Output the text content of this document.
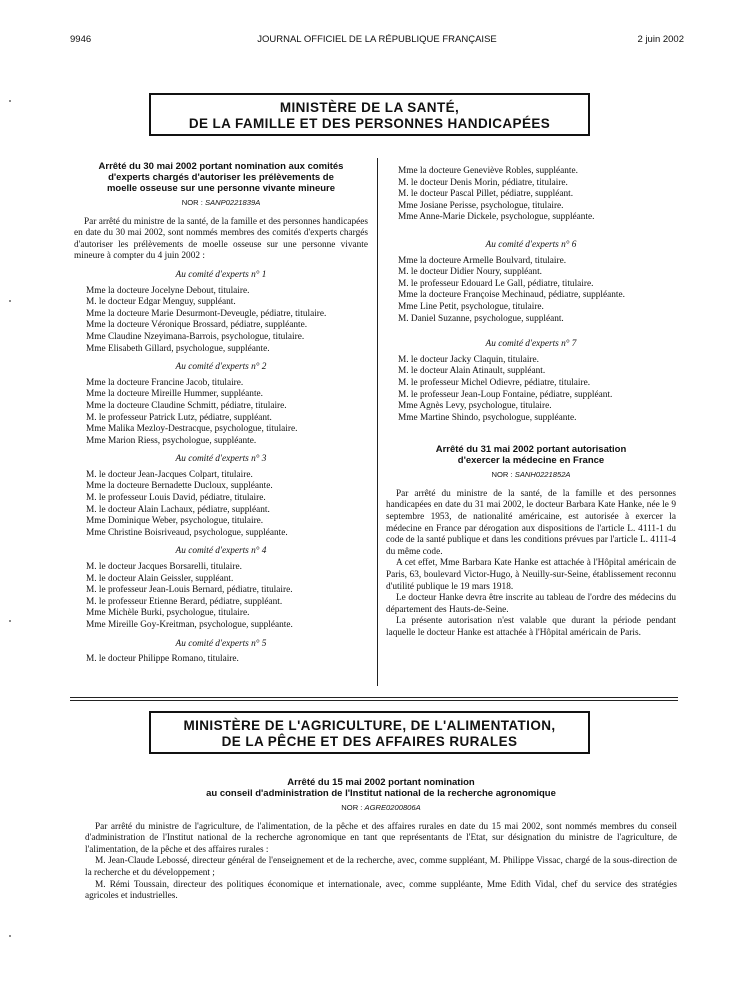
9946	JOURNAL OFFICIEL DE LA RÉPUBLIQUE FRANÇAISE	2 juin 2002
MINISTÈRE DE LA SANTÉ,
DE LA FAMILLE ET DES PERSONNES HANDICAPÉES
Arrêté du 30 mai 2002 portant nomination aux comités
d'experts chargés d'autoriser les prélèvements de
moelle osseuse sur une personne vivante mineure
NOR : SANP0221839A

Par arrêté du ministre de la santé, de la famille et des personnes handicapées en date du 30 mai 2002, sont nommés membres des comités d'experts chargés d'autoriser les prélèvements de moelle osseuse sur une personne vivante mineure à compter du 4 juin 2002 :

Au comité d'experts n° 1
Mme la docteure Jocelyne Debout, titulaire.
M. le docteur Edgar Menguy, suppléant.
Mme la docteure Marie Desurmont-Deveugle, pédiatre, titulaire.
Mme la docteure Véronique Brossard, pédiatre, suppléante.
Mme Claudine Nzeyimana-Barrois, psychologue, titulaire.
Mme Elisabeth Gillard, psychologue, suppléante.
Au comité d'experts n° 2
Mme la docteure Francine Jacob, titulaire.
Mme la docteure Mireille Hummer, suppléante.
Mme la docteure Claudine Schmitt, pédiatre, titulaire.
M. le professeur Patrick Lutz, pédiatre, suppléant.
Mme Malika Mezloy-Destracque, psychologue, titulaire.
Mme Marion Riess, psychologue, suppléante.
Au comité d'experts n° 3
M. le docteur Jean-Jacques Colpart, titulaire.
Mme la docteure Bernadette Ducloux, suppléante.
M. le professeur Louis David, pédiatre, titulaire.
M. le docteur Alain Lachaux, pédiatre, suppléant.
Mme Dominique Weber, psychologue, titulaire.
Mme Christine Boisriveaud, psychologue, suppléante.
Au comité d'experts n° 4
M. le docteur Jacques Borsarelli, titulaire.
M. le docteur Alain Geissler, suppléant.
M. le professeur Jean-Louis Bernard, pédiatre, titulaire.
M. le professeur Etienne Berard, pédiatre, suppléant.
Mme Michèle Burki, psychologue, titulaire.
Mme Mireille Goy-Kreitman, psychologue, suppléante.
Au comité d'experts n° 5
M. le docteur Philippe Romano, titulaire.
Mme la docteure Geneviève Robles, suppléante.
M. le docteur Denis Morin, pédiatre, titulaire.
M. le docteur Pascal Pillet, pédiatre, suppléant.
Mme Josiane Perisse, psychologue, titulaire.
Mme Anne-Marie Dickele, psychologue, suppléante.
Au comité d'experts n° 6
Mme la docteure Armelle Boulvard, titulaire.
M. le docteur Didier Noury, suppléant.
M. le professeur Edouard Le Gall, pédiatre, titulaire.
Mme la docteure Françoise Mechinaud, pédiatre, suppléante.
Mme Line Petit, psychologue, titulaire.
M. Daniel Suzanne, psychologue, suppléant.
Au comité d'experts n° 7
M. le docteur Jacky Claquin, titulaire.
M. le docteur Alain Atinault, suppléant.
M. le professeur Michel Odievre, pédiatre, titulaire.
M. le professeur Jean-Loup Fontaine, pédiatre, suppléant.
Mme Agnès Levy, psychologue, titulaire.
Mme Martine Shindo, psychologue, suppléante.
Arrêté du 31 mai 2002 portant autorisation
d'exercer la médecine en France
NOR : SANH0221852A

Par arrêté du ministre de la santé, de la famille et des personnes handicapées en date du 31 mai 2002, le docteur Barbara Kate Hanke, née le 9 septembre 1953, de nationalité américaine, est autorisée à exercer la médecine en France par dérogation aux dispositions de l'article L. 4111-1 du code de la santé publique et dans les conditions prévues par l'article L. 4111-4 du même code.

A cet effet, Mme Barbara Kate Hanke est attachée à l'Hôpital américain de Paris, 63, boulevard Victor-Hugo, à Neuilly-sur-Seine, établissement reconnu d'utilité publique le 19 mars 1918.

Le docteur Hanke devra être inscrite au tableau de l'ordre des médecins du département des Hauts-de-Seine.

La présente autorisation n'est valable que durant la période pendant laquelle le docteur Hanke est attachée à l'Hôpital américain de Paris.

MINISTÈRE DE L'AGRICULTURE, DE L'ALIMENTATION,
DE LA PÊCHE ET DES AFFAIRES RURALES
Arrêté du 15 mai 2002 portant nomination
au conseil d'administration de l'Institut national de la recherche agronomique
NOR : AGRE0200806A

Par arrêté du ministre de l'agriculture, de l'alimentation, de la pêche et des affaires rurales en date du 15 mai 2002, sont nommés membres du conseil d'administration de l'Institut national de la recherche agronomique en tant que représentants de l'Etat, sur désignation du ministre de l'agriculture, de l'alimentation, de la pêche et des affaires rurales :

M. Jean-Claude Lebossé, directeur général de l'enseignement et de la recherche, avec, comme suppléant, M. Philippe Vissac, chargé de la sous-direction de la recherche et du développement ;

M. Rémi Toussain, directeur des politiques économique et internationale, avec, comme suppléante, Mme Edith Vidal, chef du service des stratégies agricoles et industrielles.
